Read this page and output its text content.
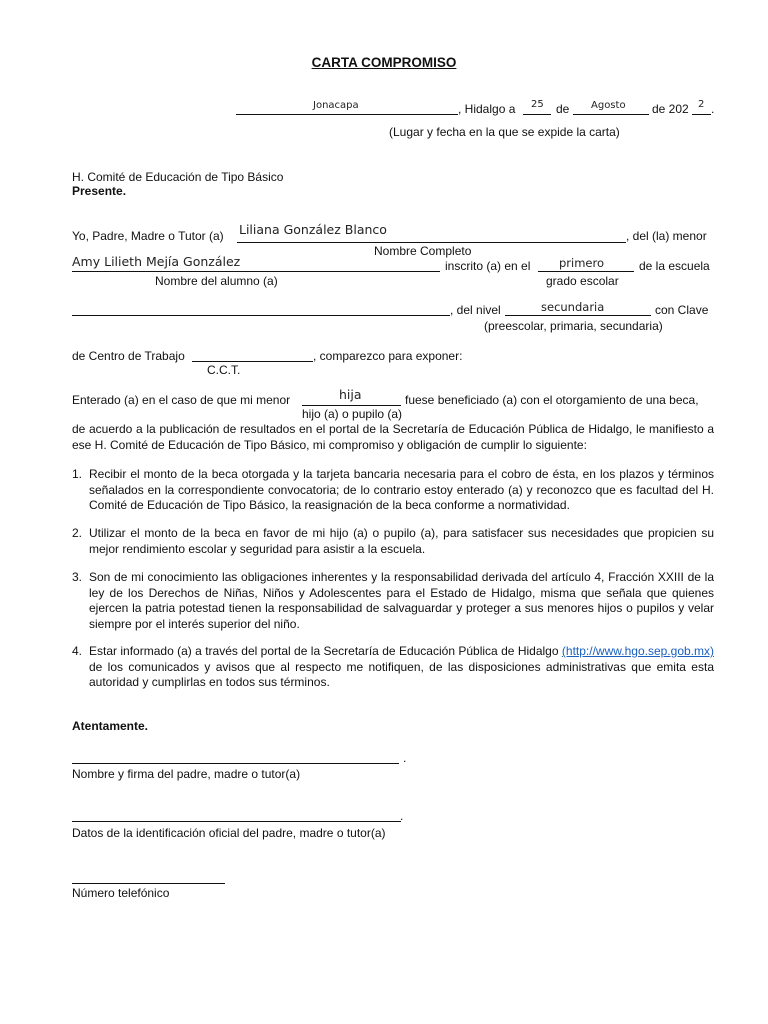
CARTA COMPROMISO
Jonacapa	, Hidalgo a 25 de Agosto de 202 2 .
(Lugar y fecha en la que se expide la carta)
H. Comité de Educación de Tipo Básico
Presente.
Yo, Padre, Madre o Tutor (a) Liliana González Blanco	, del (la) menor
Nombre Completo
Amy Lilieth Mejía González	inscrito (a) en el primero	de la escuela
Nombre del alumno (a)	grado escolar
, del nivel	secundaria	con Clave
(preescolar, primaria, secundaria)
de Centro de Trabajo	, comparezco para exponer:
C.C.T.
Enterado (a) en el caso de que mi menor	hija	fuese beneficiado (a) con el otorgamiento de una beca,
hijo (a) o pupilo (a)
de acuerdo a la publicación de resultados en el portal de la Secretaría de Educación Pública de Hidalgo, le manifiesto a ese H. Comité de Educación de Tipo Básico, mi compromiso y obligación de cumplir lo siguiente:
1. Recibir el monto de la beca otorgada y la tarjeta bancaria necesaria para el cobro de ésta, en los plazos y términos señalados en la correspondiente convocatoria; de lo contrario estoy enterado (a) y reconozco que es facultad del H. Comité de Educación de Tipo Básico, la reasignación de la beca conforme a normatividad.
2. Utilizar el monto de la beca en favor de mi hijo (a) o pupilo (a), para satisfacer sus necesidades que propicien su mejor rendimiento escolar y seguridad para asistir a la escuela.
3. Son de mi conocimiento las obligaciones inherentes y la responsabilidad derivada del artículo 4, Fracción XXIII de la ley de los Derechos de Niñas, Niños y Adolescentes para el Estado de Hidalgo, misma que señala que quienes ejercen la patria potestad tienen la responsabilidad de salvaguardar y proteger a sus menores hijos o pupilos y velar siempre por el interés superior del niño.
4. Estar informado (a) a través del portal de la Secretaría de Educación Pública de Hidalgo (http://www.hgo.sep.gob.mx) de los comunicados y avisos que al respecto me notifiquen, de las disposiciones administrativas que emita esta autoridad y cumplirlas en todos sus términos.
Atentamente.
.
Nombre y firma del padre, madre o tutor(a)
.
Datos de la identificación oficial del padre, madre o tutor(a)
Número telefónico
